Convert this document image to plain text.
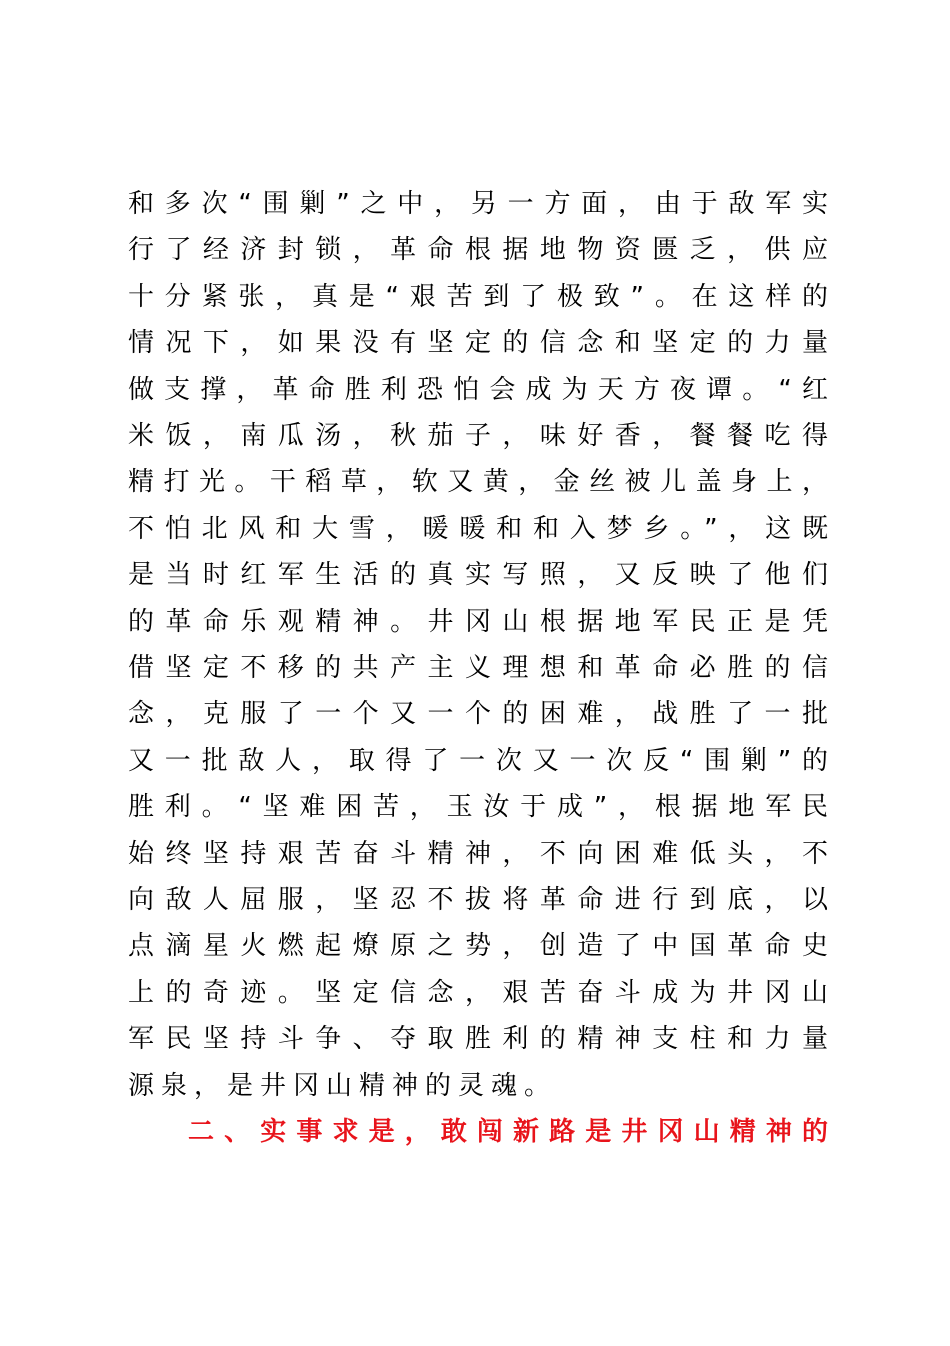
和多次“围剿”之中，另一方面，由于敌军实
行了经济封锁，革命根据地物资匮乏，供应
十分紧张，真是“艰苦到了极致”。在这样的
情况下，如果没有坚定的信念和坚定的力量
做支撑，革命胜利恐怕会成为天方夜谭。“红
米饭，南瓜汤，秋茄子，味好香，餐餐吃得
精打光。干稻草，软又黄，金丝被儿盖身上，
不怕北风和大雪，暖暖和和入梦乡。”，这既
是当时红军生活的真实写照，又反映了他们
的革命乐观精神。井冈山根据地军民正是凭
借坚定不移的共产主义理想和革命必胜的信
念，克服了一个又一个的困难，战胜了一批
又一批敌人，取得了一次又一次反“围剿”的
胜利。“坚难困苦，玉汝于成”，根据地军民
始终坚持艰苦奋斗精神，不向困难低头，不
向敌人屈服，坚忍不拔将革命进行到底，以
点滴星火燃起燎原之势，创造了中国革命史
上的奇迹。坚定信念，艰苦奋斗成为井冈山
军民坚持斗争、夺取胜利的精神支柱和力量
源泉，是井冈山精神的灵魂。
二、实事求是，敢闯新路是井冈山精神的
